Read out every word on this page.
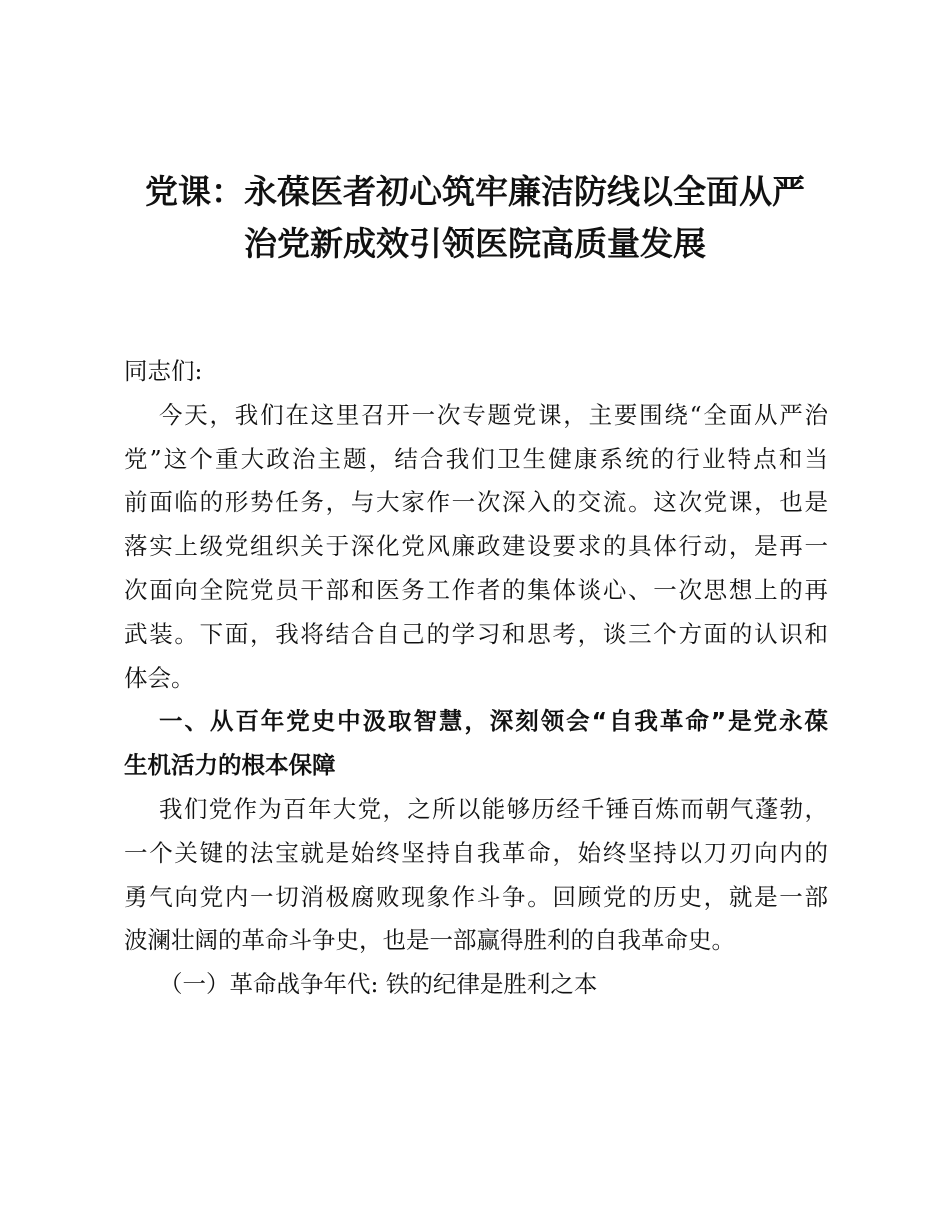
党课：永葆医者初心筑牢廉洁防线以全面从严
治党新成效引领医院高质量发展
同志们:
今天，我们在这里召开一次专题党课，主要围绕“全面从严治
党”这个重大政治主题，结合我们卫生健康系统的行业特点和当
前面临的形势任务，与大家作一次深入的交流。这次党课，也是
落实上级党组织关于深化党风廉政建设要求的具体行动，是再一
次面向全院党员干部和医务工作者的集体谈心、一次思想上的再
武装。下面，我将结合自己的学习和思考，谈三个方面的认识和
体会。
一、从百年党史中汲取智慧，深刻领会“自我革命”是党永葆
生机活力的根本保障
我们党作为百年大党，之所以能够历经千锤百炼而朝气蓬勃，
一个关键的法宝就是始终坚持自我革命，始终坚持以刀刃向内的
勇气向党内一切消极腐败现象作斗争。回顾党的历史，就是一部
波澜壮阔的革命斗争史，也是一部赢得胜利的自我革命史。
（一）革命战争年代: 铁的纪律是胜利之本
